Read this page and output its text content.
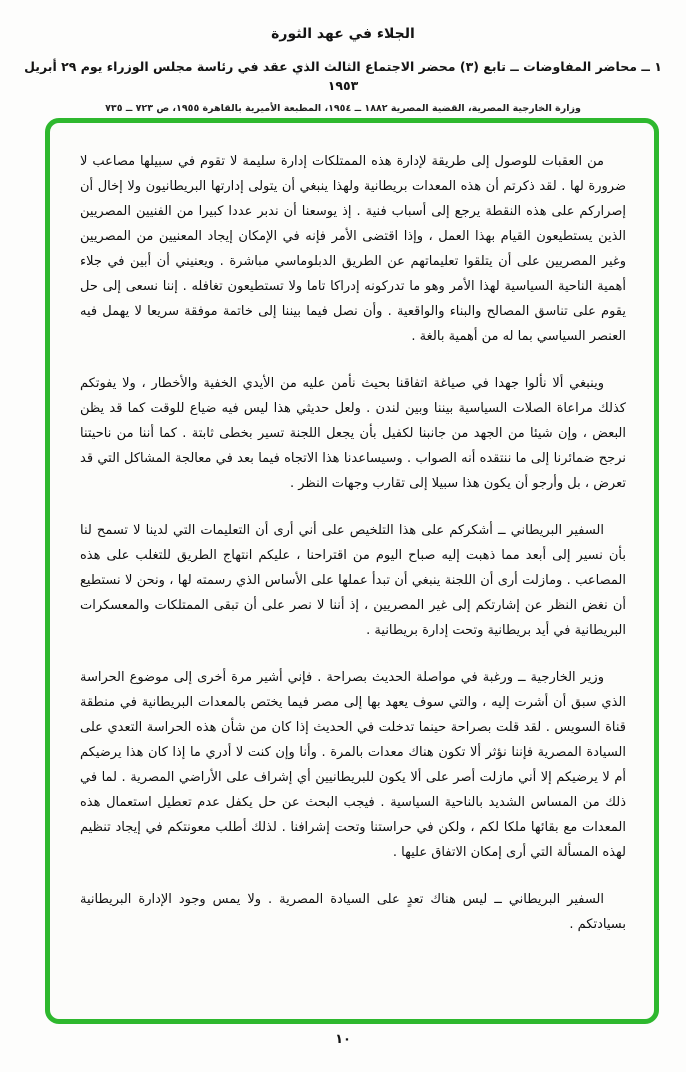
الجلاء في عهد الثورة
١ ــ محاضر المفاوضات ــ تابع (٣) محضر الاجتماع الثالث الذي عقد في رئاسة مجلس الوزراء يوم ٢٩ أبريل ١٩٥٣
وزارة الخارجية المصرية، القضية المصرية ١٨٨٢ ــ ١٩٥٤، المطبعة الأميرية بالقاهرة ١٩٥٥، ص ٧٢٣ ــ ٧٣٥

من العقبات للوصول إلى طريقة لإدارة هذه الممتلكات إدارة سليمة لا تقوم في سبيلها مصاعب لا ضرورة لها . لقد ذكرتم أن هذه المعدات بريطانية ولهذا ينبغي أن يتولى إدارتها البريطانيون ولا إخال أن إصراركم على هذه النقطة يرجع إلى أسباب فنية . إذ يوسعنا أن ندبر عددا كبيرا من الفنيين المصريين الذين يستطيعون القيام بهذا العمل ، وإذا اقتضى الأمر فإنه في الإمكان إيجاد المعنيين من المصريين وغير المصريين على أن يتلقوا تعليماتهم عن الطريق الدبلوماسي مباشرة . ويعنيني أن أبين في جلاء أهمية الناحية السياسية لهذا الأمر وهو ما تدركونه إدراكا تاما ولا تستطيعون تغافله . إننا نسعى إلى حل يقوم على تناسق المصالح والبناء والواقعية . وأن نصل فيما بيننا إلى خاتمة موفقة سريعا لا يهمل فيه العنصر السياسي بما له من أهمية بالغة .

وينبغي ألا نألوا جهدا في صياغة اتفاقنا بحيث نأمن عليه من الأيدي الخفية والأخطار ، ولا يفوتكم كذلك مراعاة الصلات السياسية بيننا وبين لندن . ولعل حديثي هذا ليس فيه ضياع للوقت كما قد يظن البعض ، وإن شيئا من الجهد من جانبنا لكفيل بأن يجعل اللجنة تسير بخطى ثابتة . كما أننا من ناحيتنا نرجح ضمائرنا إلى ما ننتقده أنه الصواب . وسيساعدنا هذا الاتجاه فيما بعد في معالجة المشاكل التي قد تعرض ، بل وأرجو أن يكون هذا سبيلا إلى تقارب وجهات النظر .

السفير البريطاني ــ أشكركم على هذا التلخيص على أني أرى أن التعليمات التي لدينا لا تسمح لنا بأن نسير إلى أبعد مما ذهبت إليه صباح اليوم من اقتراحنا ، عليكم انتهاج الطريق للتغلب على هذه المصاعب . ومازلت أرى أن اللجنة ينبغي أن تبدأ عملها على الأساس الذي رسمته لها ، ونحن لا نستطيع أن نغض النظر عن إشارتكم إلى غير المصريين ، إذ أننا لا نصر على أن تبقى الممتلكات والمعسكرات البريطانية في أيد بريطانية وتحت إدارة بريطانية .

وزير الخارجية ــ ورغبة في مواصلة الحديث بصراحة . فإني أشير مرة أخرى إلى موضوع الحراسة الذي سبق أن أشرت إليه ، والتي سوف يعهد بها إلى مصر فيما يختص بالمعدات البريطانية في منطقة قناة السويس . لقد قلت بصراحة حينما تدخلت في الحديث إذا كان من شأن هذه الحراسة التعدي على السيادة المصرية فإننا نؤثر ألا تكون هناك معدات بالمرة . وأنا وإن كنت لا أدري ما إذا كان هذا يرضيكم أم لا يرضيكم إلا أني مازلت أصر على ألا يكون للبريطانيين أي إشراف على الأراضي المصرية . لما في ذلك من المساس الشديد بالناحية السياسية . فيجب البحث عن حل يكفل عدم تعطيل استعمال هذه المعدات مع بقائها ملكا لكم ، ولكن في حراستنا وتحت إشرافنا . لذلك أطلب معونتكم في إيجاد تنظيم لهذه المسألة التي أرى إمكان الاتفاق عليها .

السفير البريطاني ــ ليس هناك تعدٍ على السيادة المصرية . ولا يمس وجود الإدارة البريطانية بسيادتكم .

١٠
